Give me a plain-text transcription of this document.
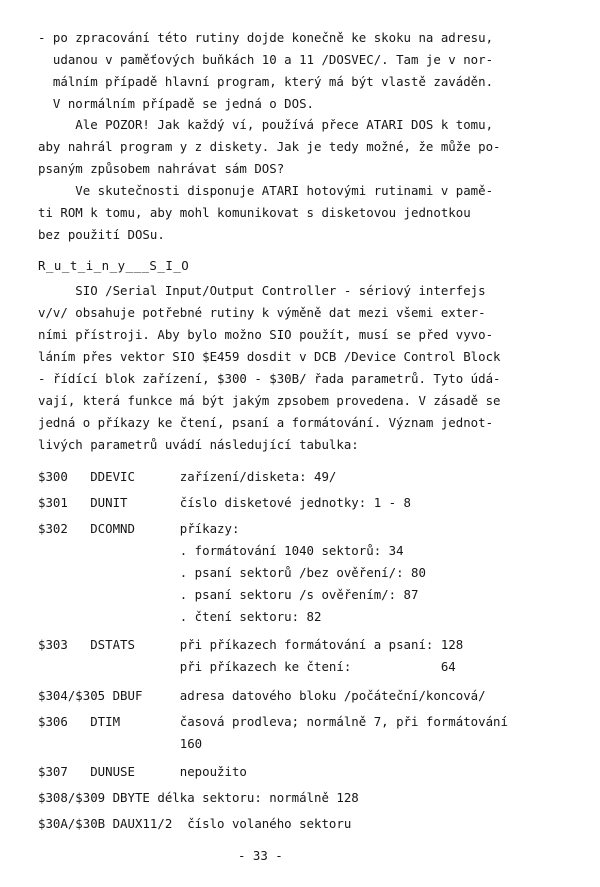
- po zpracování této rutiny dojde konečně ke skoku na adresu,
udanou v paměťových buňkách 10 a 11 /DOSVEC/. Tam je v nor-
málním případě hlavní program, který má být vlastě zaváděn.
V normálním případě se jedná o DOS.
Ale POZOR! Jak každý ví, používá přece ATARI DOS k tomu,
aby nahrál program y z diskety. Jak je tedy možné, že může po-
psaným způsobem nahrávat sám DOS?
Ve skutečnosti disponuje ATARI hotovými rutinami v pamě-
ti ROM k tomu, aby mohl komunikovat s disketovou jednotkou
bez použití DOSu.
R_u_t_i_n_y___S_I_O
SIO /Serial Input/Output Controller - sériový interfejs
v/v/ obsahuje potřebné rutiny k výměně dat mezi všemi exter-
ními přístroji. Aby bylo možno SIO použít, musí se před vyvo-
láním přes vektor SIO $E459 dosdit v DCB /Device Control Block
- řídící blok zařízení, $300 - $30B/ řada parametrů. Tyto údá-
vají, která funkce má být jakým zpsobem provedena. V zásadě se
jedná o příkazy ke čtení, psaní a formátování. Význam jednot-
livých parametrů uvádí následující tabulka:
$300   DDEVIC      zařízení/disketa: 49/
$301   DUNIT       číslo disketové jednotky: 1 - 8
$302   DCOMND      příkazy:
. formátování 1040 sektorů: 34
. psaní sektorů /bez ověření/: 80
. psaní sektoru /s ověřením/: 87
. čtení sektoru: 82
$303   DSTATS      při příkazech formátování a psaní: 128
při příkazech ke čtení:            64
$304/$305 DBUF     adresa datového bloku /počáteční/koncová/
$306   DTIM        časová prodleva; normálně 7, při formátování
160
$307   DUNUSE      nepoužito
$308/$309 DBYTE délka sektoru: normálně 128
$30A/$30B DAUX11/2  číslo volaného sektoru
- 33 -
